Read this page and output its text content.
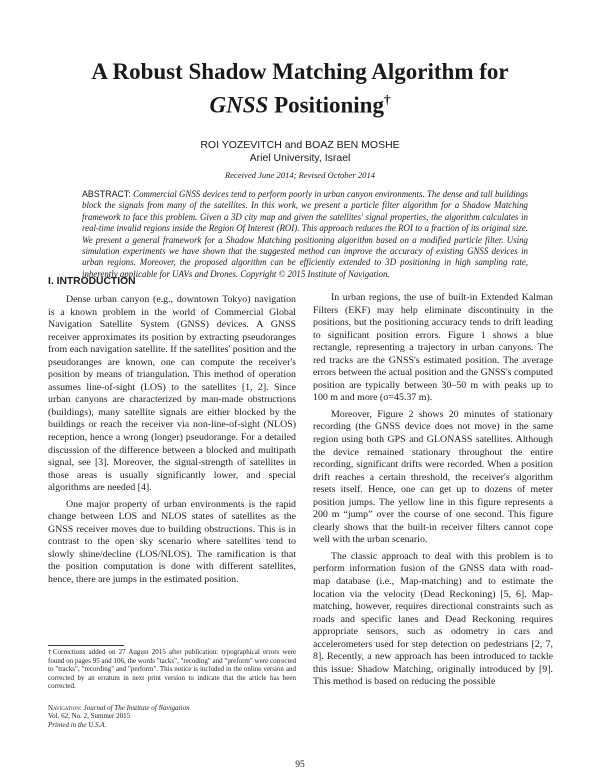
A Robust Shadow Matching Algorithm for
GNSS Positioning†
ROI YOZEVITCH and BOAZ BEN MOSHE
Ariel University, Israel
Received June 2014; Revised October 2014
ABSTRACT: Commercial GNSS devices tend to perform poorly in urban canyon environments. The dense and tall buildings block the signals from many of the satellites. In this work, we present a particle filter algorithm for a Shadow Matching framework to face this problem. Given a 3D city map and given the satellites' signal properties, the algorithm calculates in real-time invalid regions inside the Region Of Interest (ROI). This approach reduces the ROI to a fraction of its original size. We present a general framework for a Shadow Matching positioning algorithm based on a modified particle filter. Using simulation experiments we have shown that the suggested method can improve the accuracy of existing GNSS devices in urban regions. Moreover, the proposed algorithm can be efficiently extended to 3D positioning in high sampling rate, inherently applicable for UAVs and Drones. Copyright © 2015 Institute of Navigation.
I. INTRODUCTION

Dense urban canyon (e.g., downtown Tokyo) navigation is a known problem in the world of Commercial Global Navigation Satellite System (GNSS) devices. A GNSS receiver approximates its position by extracting pseudoranges from each navigation satellite. If the satellites' position and the pseudoranges are known, one can compute the receiver's position by means of triangulation. This method of operation assumes line-of-sight (LOS) to the satellites [1, 2]. Since urban canyons are characterized by man-made obstructions (buildings), many satellite signals are either blocked by the buildings or reach the receiver via non-line-of-sight (NLOS) reception, hence a wrong (longer) pseudorange. For a detailed discussion of the difference between a blocked and multipath signal, see [3]. Moreover, the signal-strength of satellites in those areas is usually significantly lower, and special algorithms are needed [4].

One major property of urban environments is the rapid change between LOS and NLOS states of satellites as the GNSS receiver moves due to building obstructions. This is in contrast to the open sky scenario where satellites tend to slowly shine/decline (LOS/NLOS). The ramification is that the position computation is done with different satellites, hence, there are jumps in the estimated position.

In urban regions, the use of built-in Extended Kalman Filters (EKF) may help eliminate discontinuity in the positions, but the positioning accuracy tends to drift leading to significant position errors. Figure 1 shows a blue rectangle, representing a trajectory in urban canyons. The red tracks are the GNSS's estimated position. The average errors between the actual position and the GNSS's computed position are typically between 30–50 m with peaks up to 100 m and more (σ=45.37 m).

Moreover, Figure 2 shows 20 minutes of stationary recording (the GNSS device does not move) in the same region using both GPS and GLONASS satellites. Although the device remained stationary throughout the entire recording, significant drifts were recorded. When a position drift reaches a certain threshold, the receiver's algorithm resets itself. Hence, one can get up to dozens of meter position jumps. The yellow line in this figure represents a 200 m “jump” over the course of one second. This figure clearly shows that the built-in receiver filters cannot cope well with the urban scenario.

The classic approach to deal with this problem is to perform information fusion of the GNSS data with road-map database (i.e., Map-matching) and to estimate the location via the velocity (Dead Reckoning) [5, 6]. Map-matching, however, requires directional constraints such as roads and specific lanes and Dead Reckoning requires appropriate sensors, such as odometry in cars and accelerometers used for step detection on pedestrians [2, 7, 8]. Recently, a new approach has been introduced to tackle this issue: Shadow Matching, originally introduced by [9]. This method is based on reducing the possible

†Corrections added on 27 August 2015 after publication: typographical errors were found on pages 95 and 106, the words "tacks", "recoding" and "preform" were corrected to "tracks", "recording" and "perform". This notice is included in the online version and corrected by an erratum in next print version to indicate that the article has been corrected.

Navigation: Journal of The Institute of Navigation
Vol. 62, No. 2, Summer 2015
Printed in the U.S.A.
95
